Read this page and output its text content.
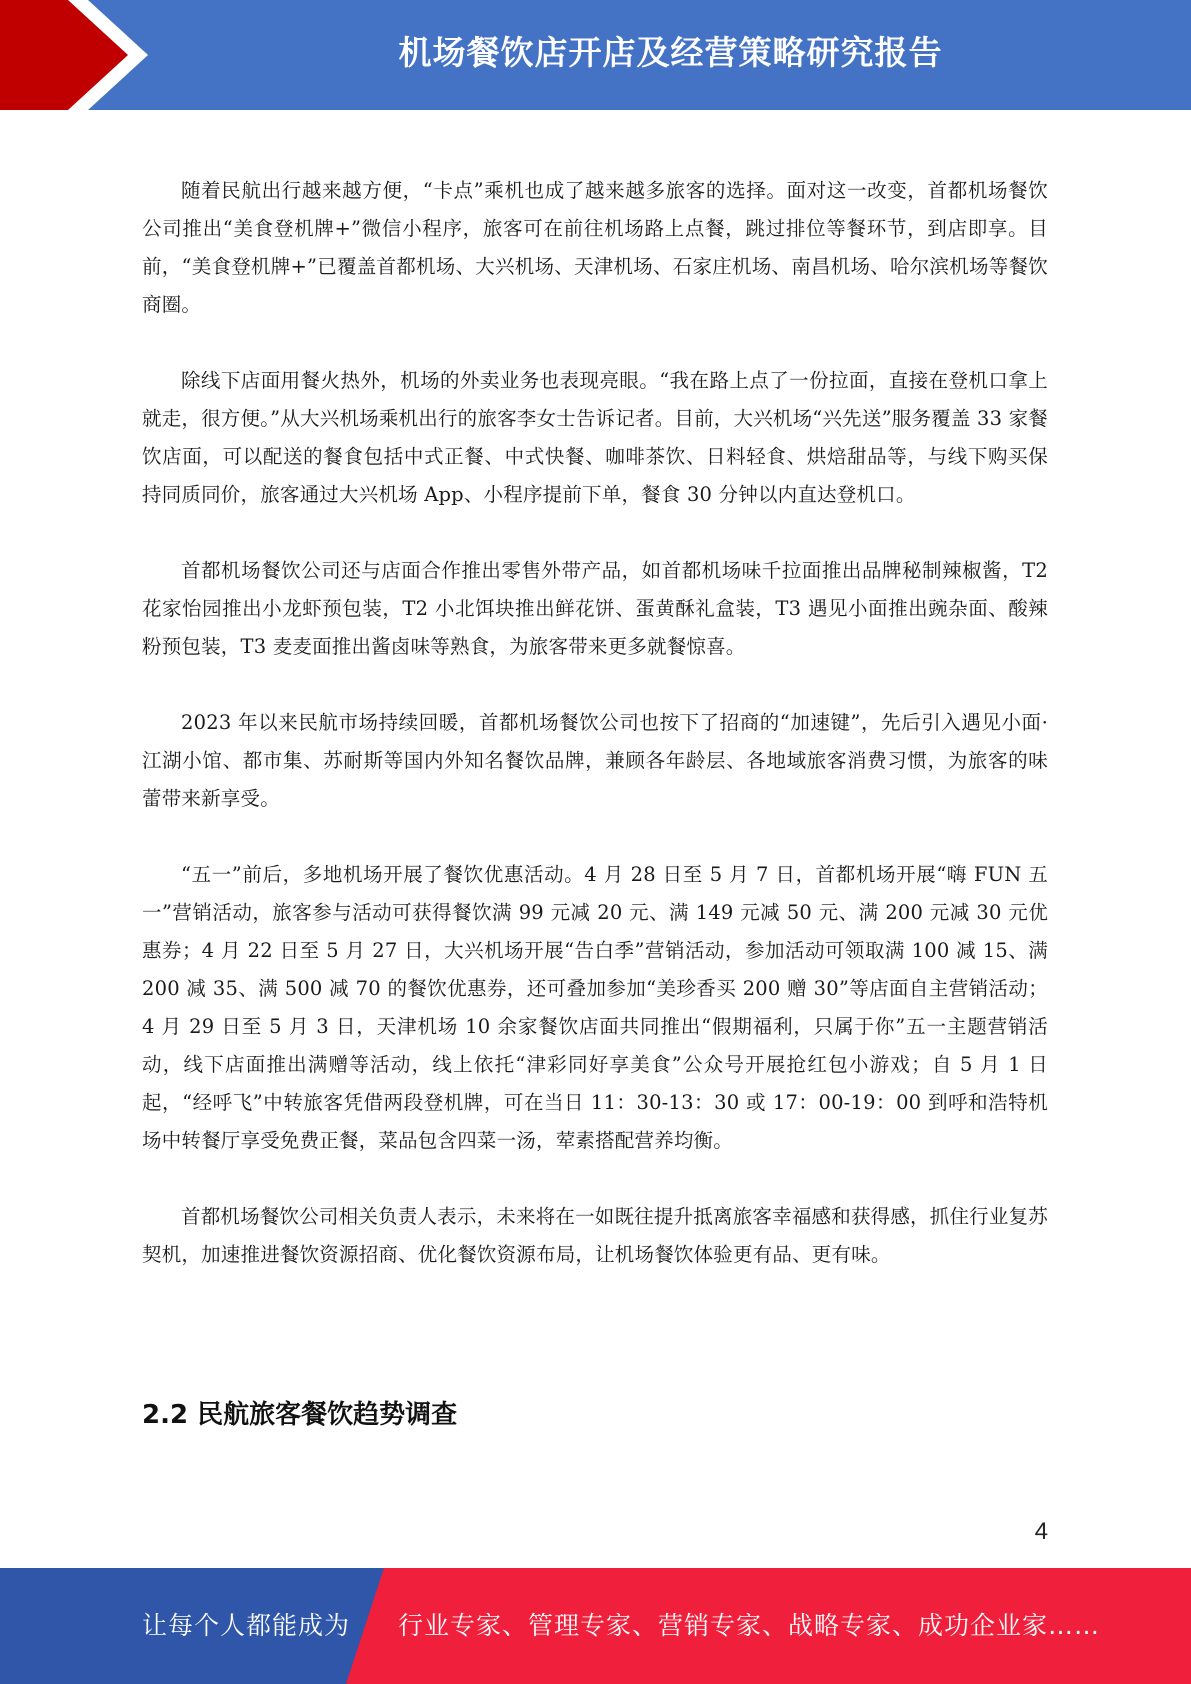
机场餐饮店开店及经营策略研究报告

随着民航出行越来越方便，“卡点”乘机也成了越来越多旅客的选择。面对这一改变，首都机场餐饮公司推出“美食登机牌+”微信小程序，旅客可在前往机场路上点餐，跳过排位等餐环节，到店即享。目前，“美食登机牌+”已覆盖首都机场、大兴机场、天津机场、石家庄机场、南昌机场、哈尔滨机场等餐饮商圈。

除线下店面用餐火热外，机场的外卖业务也表现亮眼。“我在路上点了一份拉面，直接在登机口拿上就走，很方便。”从大兴机场乘机出行的旅客李女士告诉记者。目前，大兴机场“兴先送”服务覆盖 33 家餐饮店面，可以配送的餐食包括中式正餐、中式快餐、咖啡茶饮、日料轻食、烘焙甜品等，与线下购买保持同质同价，旅客通过大兴机场 App、小程序提前下单，餐食 30 分钟以内直达登机口。

首都机场餐饮公司还与店面合作推出零售外带产品，如首都机场味千拉面推出品牌秘制辣椒酱，T2 花家怡园推出小龙虾预包装，T2 小北饵块推出鲜花饼、蛋黄酥礼盒装，T3 遇见小面推出豌杂面、酸辣粉预包装，T3 麦麦面推出酱卤味等熟食，为旅客带来更多就餐惊喜。

2023 年以来民航市场持续回暖，首都机场餐饮公司也按下了招商的“加速键”，先后引入遇见小面·江湖小馆、都市集、苏耐斯等国内外知名餐饮品牌，兼顾各年龄层、各地域旅客消费习惯，为旅客的味蕾带来新享受。

“五一”前后，多地机场开展了餐饮优惠活动。4 月 28 日至 5 月 7 日，首都机场开展“嗨 FUN 五一”营销活动，旅客参与活动可获得餐饮满 99 元减 20 元、满 149 元减 50 元、满 200 元减 30 元优惠券；4 月 22 日至 5 月 27 日，大兴机场开展“告白季”营销活动，参加活动可领取满 100 减 15、满 200 减 35、满 500 减 70 的餐饮优惠券，还可叠加参加“美珍香买 200 赠 30”等店面自主营销活动；4 月 29 日至 5 月 3 日，天津机场 10 余家餐饮店面共同推出“假期福利，只属于你”五一主题营销活动，线下店面推出满赠等活动，线上依托“津彩同好享美食”公众号开展抢红包小游戏；自 5 月 1 日起，“经呼飞”中转旅客凭借两段登机牌，可在当日 11：30-13：30 或 17：00-19：00 到呼和浩特机场中转餐厅享受免费正餐，菜品包含四菜一汤，荤素搭配营养均衡。

首都机场餐饮公司相关负责人表示，未来将在一如既往提升抵离旅客幸福感和获得感，抓住行业复苏契机，加速推进餐饮资源招商、优化餐饮资源布局，让机场餐饮体验更有品、更有味。

2.2 民航旅客餐饮趋势调查
4
让每个人都能成为 行业专家、管理专家、营销专家、战略专家、成功企业家……
